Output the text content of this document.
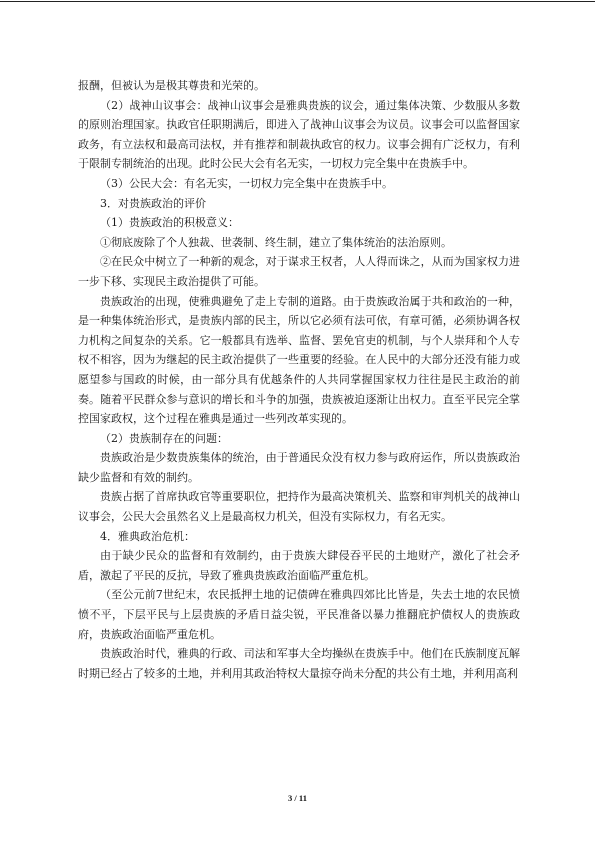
报酬，但被认为是极其尊贵和光荣的。

（2）战神山议事会：战神山议事会是雅典贵族的议会，通过集体决策、少数服从多数的原则治理国家。执政官任职期满后，即进入了战神山议事会为议员。议事会可以监督国家政务，有立法权和最高司法权，并有推荐和制裁执政官的权力。议事会拥有广泛权力，有利于限制专制统治的出现。此时公民大会有名无实，一切权力完全集中在贵族手中。

（3）公民大会：有名无实，一切权力完全集中在贵族手中。

3．对贵族政治的评价

（1）贵族政治的积极意义：

①彻底废除了个人独裁、世袭制、终生制，建立了集体统治的法治原则。

②在民众中树立了一种新的观念，对于谋求王权者，人人得而诛之，从而为国家权力进一步下移、实现民主政治提供了可能。

贵族政治的出现，使雅典避免了走上专制的道路。由于贵族政治属于共和政治的一种，是一种集体统治形式，是贵族内部的民主，所以它必须有法可依，有章可循，必须协调各权力机构之间复杂的关系。它一般都具有选举、监督、罢免官吏的机制，与个人崇拜和个人专权不相容，因为为继起的民主政治提供了一些重要的经验。在人民中的大部分还没有能力或愿望参与国政的时候，由一部分具有优越条件的人共同掌握国家权力往往是民主政治的前奏。随着平民群众参与意识的增长和斗争的加强，贵族被迫逐渐让出权力。直至平民完全掌控国家政权，这个过程在雅典是通过一些列改革实现的。

（2）贵族制存在的问题：

贵族政治是少数贵族集体的统治，由于普通民众没有权力参与政府运作，所以贵族政治缺少监督和有效的制约。

贵族占据了首席执政官等重要职位，把持作为最高决策机关、监察和审判机关的战神山议事会，公民大会虽然名义上是最高权力机关，但没有实际权力，有名无实。

4．雅典政治危机：

由于缺少民众的监督和有效制约，由于贵族大肆侵吞平民的土地财产，激化了社会矛盾，激起了平民的反抗，导致了雅典贵族政治面临严重危机。

（至公元前7世纪末，农民抵押土地的记债碑在雅典四郊比比皆是，失去土地的农民愤愤不平，下层平民与上层贵族的矛盾日益尖锐，平民准备以暴力推翻庇护债权人的贵族政府，贵族政治面临严重危机。

贵族政治时代，雅典的行政、司法和军事大全均操纵在贵族手中。他们在氏族制度瓦解时期已经占了较多的土地，并利用其政治特权大量掠夺尚未分配的共公有土地，并利用高利

3 / 11
